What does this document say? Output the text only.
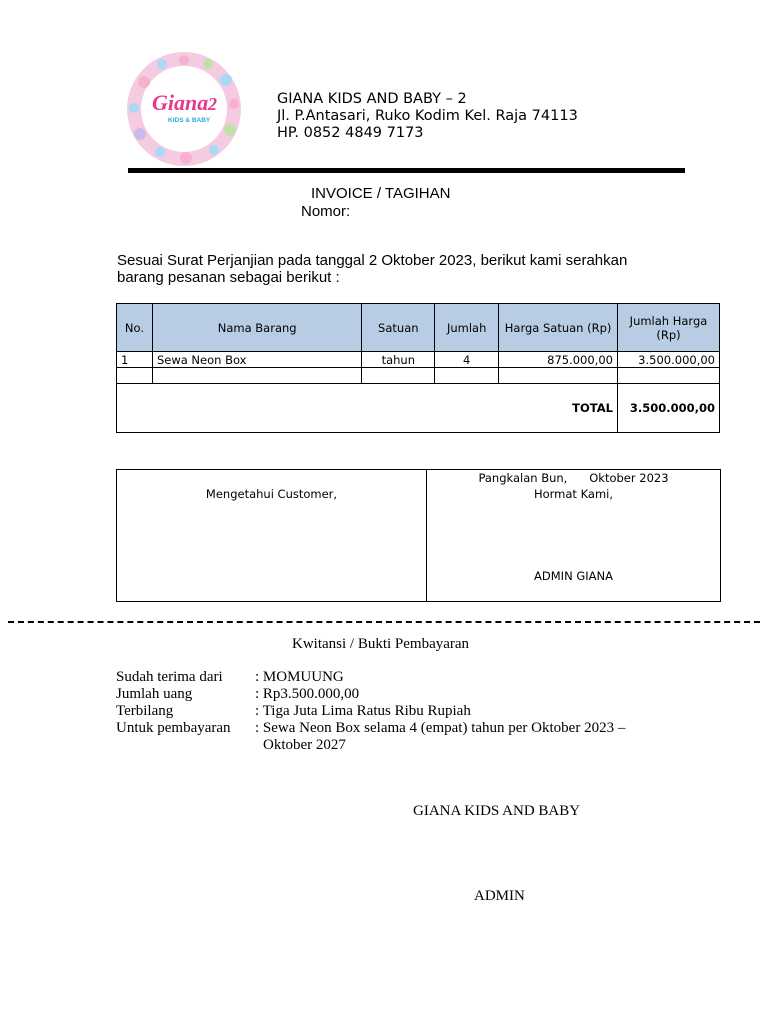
Giana 2
KIDS & BABY
GIANA KIDS AND BABY – 2
Jl. P.Antasari, Ruko Kodim Kel. Raja 74113
HP. 0852 4849 7173
INVOICE / TAGIHAN
Nomor:
Sesuai Surat Perjanjian pada tanggal 2 Oktober 2023, berikut kami serahkan
barang pesanan sebagai berikut :
No.	Nama Barang	Satuan	Jumlah	Harga Satuan (Rp)	Jumlah Harga
(Rp)

1	Sewa Neon Box	tahun	4	875.000,00	3.500.000,00

TOTAL					3.500.000,00
Mengetahui Customer,
Pangkalan Bun,      Oktober 2023
Hormat Kami,
ADMIN GIANA
Kwitansi / Bukti Pembayaran
Sudah terima dari	: MOMUUNG
Jumlah uang	: Rp3.500.000,00
Terbilang	: Tiga Juta Lima Ratus Ribu Rupiah
Untuk pembayaran	: Sewa Neon Box selama 4 (empat) tahun per Oktober 2023 –
Oktober 2027
GIANA KIDS AND BABY
ADMIN
